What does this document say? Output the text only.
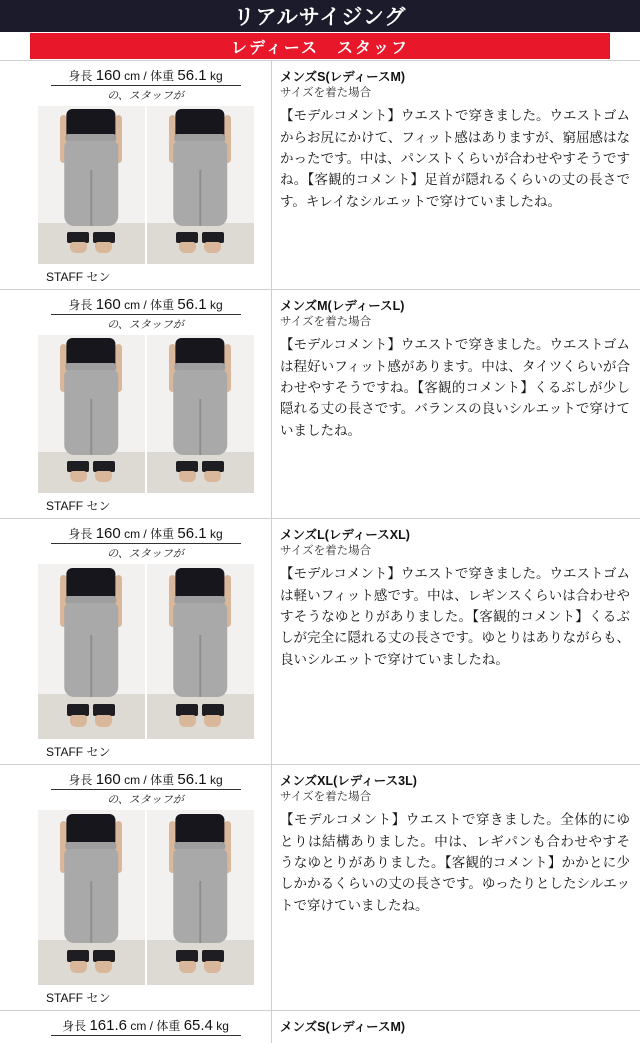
リアルサイジング
レディース　スタッフ
身長 160 cm / 体重 56.1 kg
の、スタッフが
STAFF セン
メンズS(レディースM)
サイズを着た場合
【モデルコメント】ウエストで穿きました。ウエストゴムからお尻にかけて、フィット感はありますが、窮屈感はなかったです。中は、パンストくらいが合わせやすそうですね。【客観的コメント】足首が隠れるくらいの丈の長さです。キレイなシルエットで穿けていましたね。
身長 160 cm / 体重 56.1 kg
の、スタッフが
STAFF セン
メンズM(レディースL)
サイズを着た場合
【モデルコメント】ウエストで穿きました。ウエストゴムは程好いフィット感があります。中は、タイツくらいが合わせやすそうですね。【客観的コメント】くるぶしが少し隠れる丈の長さです。バランスの良いシルエットで穿けていましたね。
身長 160 cm / 体重 56.1 kg
の、スタッフが
STAFF セン
メンズL(レディースXL)
サイズを着た場合
【モデルコメント】ウエストで穿きました。ウエストゴムは軽いフィット感です。中は、レギンスくらいは合わせやすそうなゆとりがありました。【客観的コメント】くるぶしが完全に隠れる丈の長さです。ゆとりはありながらも、良いシルエットで穿けていましたね。
身長 160 cm / 体重 56.1 kg
の、スタッフが
STAFF セン
メンズXL(レディース3L)
サイズを着た場合
【モデルコメント】ウエストで穿きました。全体的にゆとりは結構ありました。中は、レギパンも合わせやすそうなゆとりがありました。【客観的コメント】かかとに少しかかるくらいの丈の長さです。ゆったりとしたシルエットで穿けていましたね。
身長 161.6 cm / 体重 65.4 kg	メンズS(レディースM)
